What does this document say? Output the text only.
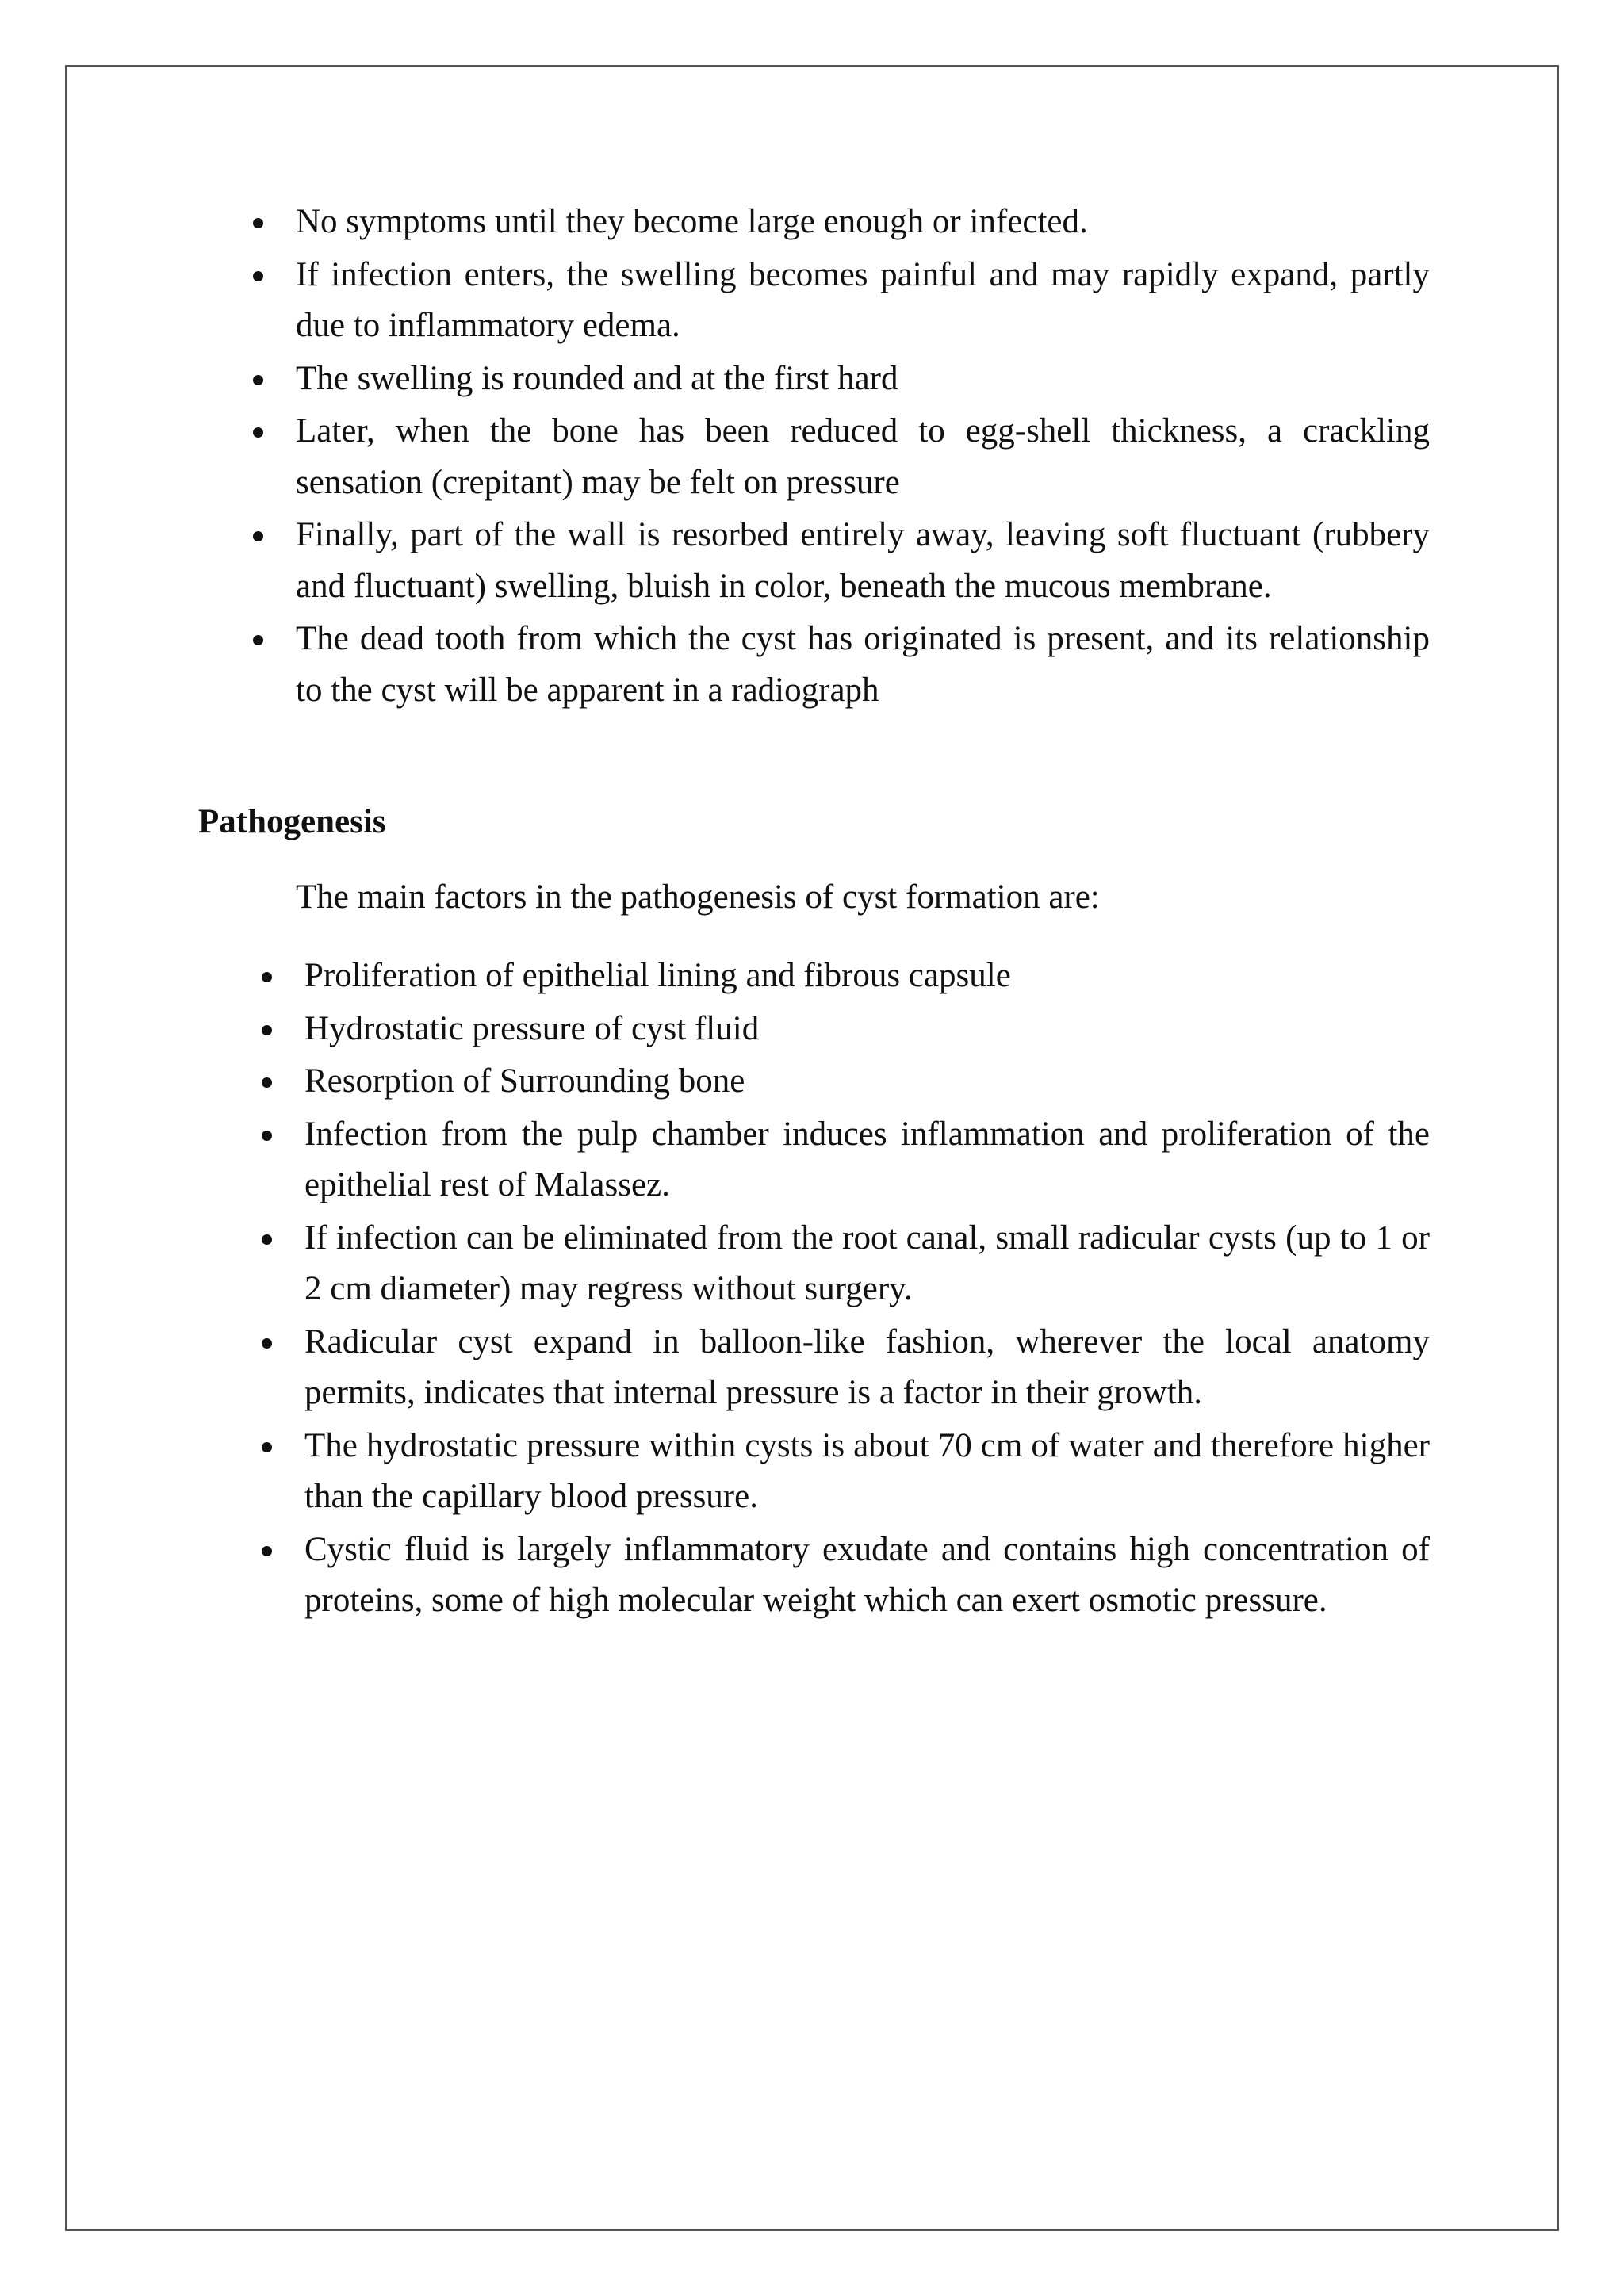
No symptoms until they become large enough or infected.
If infection enters, the swelling becomes painful and may rapidly expand, partly due to inflammatory edema.
The swelling is rounded and at the first hard
Later, when the bone has been reduced to egg-shell thickness, a crackling sensation (crepitant) may be felt on pressure
Finally, part of the wall is resorbed entirely away, leaving soft fluctuant (rubbery and fluctuant) swelling, bluish in color, beneath the mucous membrane.
The dead tooth from which the cyst has originated is present, and its relationship to the cyst will be apparent in a radiograph
Pathogenesis

The main factors in the pathogenesis of cyst formation are:

Proliferation of epithelial lining and fibrous capsule
Hydrostatic pressure of cyst fluid
Resorption of Surrounding bone
Infection from the pulp chamber induces inflammation and proliferation of the epithelial rest of Malassez.
If infection can be eliminated from the root canal, small radicular cysts (up to 1 or 2 cm diameter) may regress without surgery.
Radicular cyst expand in balloon-like fashion, wherever the local anatomy permits, indicates that internal pressure is a factor in their growth.
The hydrostatic pressure within cysts is about 70 cm of water and therefore higher than the capillary blood pressure.
Cystic fluid is largely inflammatory exudate and contains high concentration of proteins, some of high molecular weight which can exert osmotic pressure.
